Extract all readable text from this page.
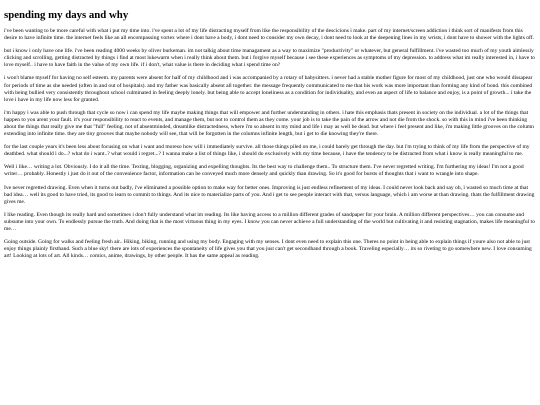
spending my days and why

i've been wanting to be more careful with what i put my time into. i've spent a lot of my life distracting myself from like the responsibility of the descicions i make. part of my internet/screen addiction i think sort of manifests from this desire to have infinite time. the internet feels like an all encompassing vortex where i dont have a body, i dont need to consider my own decay, i dont need to look at the deepening lines in my wrists, i dont have to shower with the lights off.

but i know i only have one life. i've been reading 4000 weeks by oliver burkeman. im not talkig about time managament as a way to maximize "productivity" or whatever, but general fulfillment. i've wasted too much of my youth aimlessly clicking and scrolling, getting distracted by things i find at most lukewarm when i really think about them. but i forgive myself because i see these experiences as symptoms of my depression. to address what im really interested in, i have to love myself.. i have to have faith in the value of my own life. if i don't, what value is there in deciding what i spend time on?

i won't blame myself for having no self esteem. my parents were absent for half of my childhood and i was accompanied by a rotary of babysitters. i never had a stable mother figure for most of my childhood, just one who would dissapear for periods of time as she needed (often in and out of hospitals). and my father was basically absent all together. the message frequently communicated to me that his work was more important than forming any kind of bond. this combined with being bullied very consistently throughout school culminated in feeling deeply lonely. but being able to accept loneliness as a condition for individuality, and even an aspect of life to balance and enjoy, is a point of growth... i take the love i have in my life now less for granted.

i'm happy i was able to push through that cycle so now i can spend my life maybe making things that will empower and further understanding in others. i hate this emphasis thats present in society on the individual. a lot of the things that happen to you arent your fault. it's your responsibility to react to events, and manage them, but not to control them as they come. your job is to take the pain of the arrow and not die from the shock. so with this in mind i've been thinking about the things that really give me that "full" feeling. not of absentminded, dreamlike distractedness, where i'm so absent in my mind and life i may as well be dead. but where i feel present and like, i'm making little grooves on the column extending into infinite time. they are tiny grooves that maybe nobody will see, that will be forgotten in the columns infinite length, but i get to die knowing they're there.

for the last couple years it's been less about focusing on what i want and moreso how will i immediately survive. all those things piled on me, i could barely get through the day. but i'm trying to think of my life from the perspective of my deathbed. what should i do...? what do i want..? what would i regret...? I wanna make a list of things like, i should do exclusively with my time because, i have the tendency to be distracted from what i know is really meaningful to me.

Well i like… writing a lot. Obviously. I do it all the time. Texting, blogging, organizing and expelling thoughts. Its the best way to challenge them.. To structure them. I've never regretted writing. I'm furthering my ideas! I'm not a good writer… probably. Honestly i just do it out of the convenience factor, information can be conveyed much more densely and quickly than drawing. So it's good for bursts of thoughts that i want to wrangle into shape.

Ive never regretted drawing. Even when it turns out badly, i've eliminated a possible option to make way for better ones. Improving is just endless refinement of my ideas. I could never look back and say oh, i wasted so much time at that bad idea… well its good to have tried, its good to learn to commit to things. And its nice to materialize parts of you. And i get to see people interact with that, versus language, which i am worse at than drawing. thats the fulfillment drawing gives me.

I like reading. Even though its really hard and sometimes i don't fully understand what im reading. Its like having access to a million different grades of sandpaper for your brain. A million different perspectives… you can consume and subsume into your own. To endlessly pursue the truth. And doing that is the most virtuous thing in my eyes. I know you can never achieve a full understanding of the world but cultivating it and resisting stagnation, makes life meaningful to me…

Going outside. Going for walks and feeling fresh air.. Hiking, biking, running and using my body. Engaging with my senses. I dont even need to explain this one. Theres no point in being able to explain things if youre also not able to just enjoy things plainly firsthand. Such a blue sky! there are lots of experiences the spontaneity of life gives you that you just can't get secondhand through a book. Traveling especially… its so riveting to go somewhere new. I love consuming art! Looking at lots of art. All kinds… comics, anime, drawings, by other people. It has the same appeal as reading.
